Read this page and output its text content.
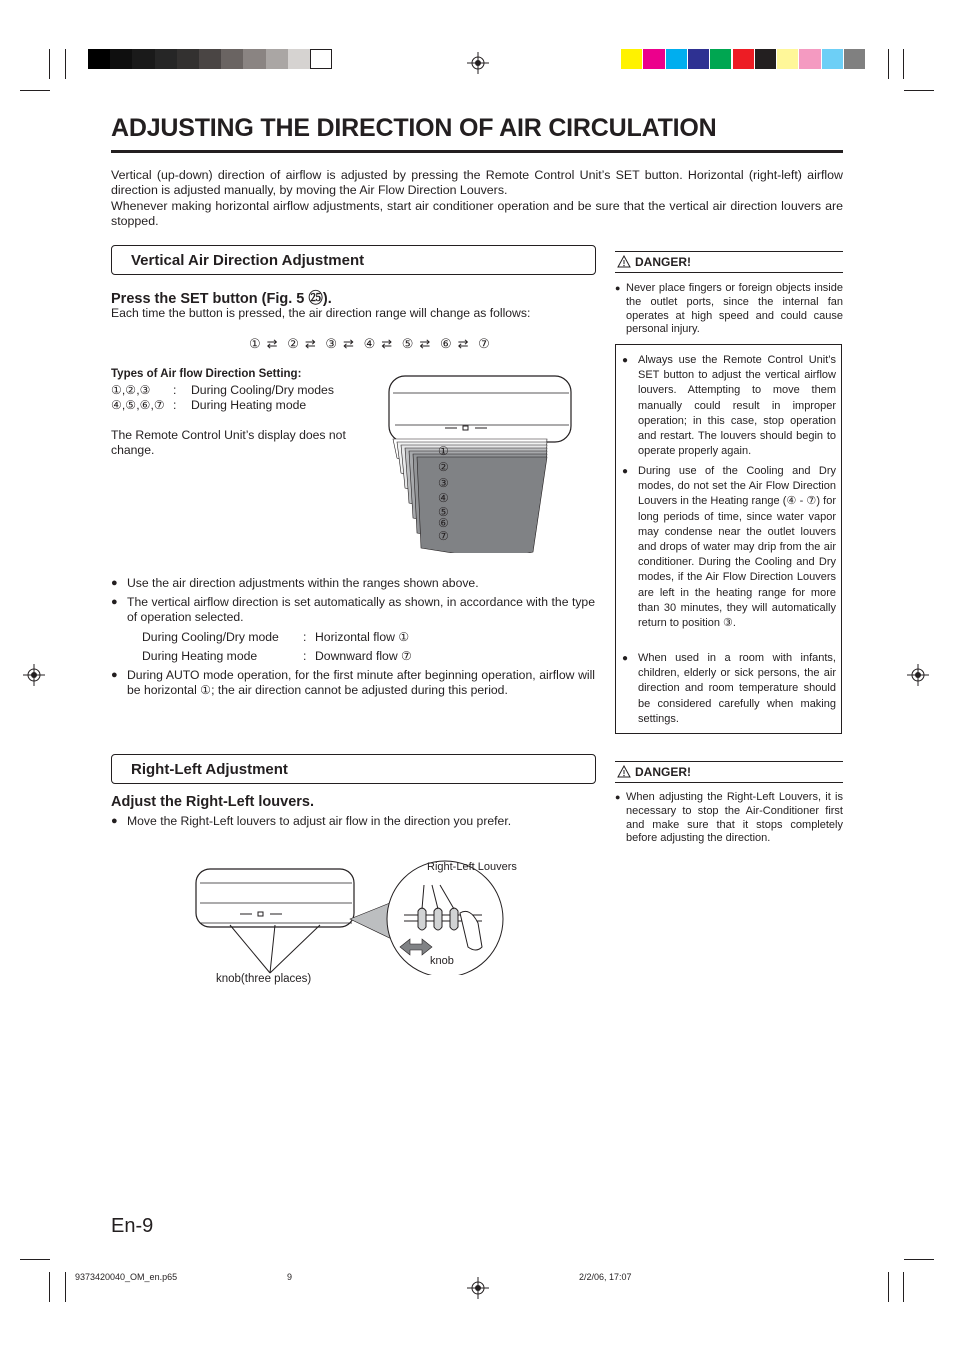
ADJUSTING THE DIRECTION OF AIR CIRCULATION

Vertical (up-down) direction of airflow is adjusted by pressing the Remote Control Unit’s SET button. Horizontal (right-left) airflow direction is adjusted manually, by moving the Air Flow Direction Louvers.

Whenever making horizontal airflow adjustments, start air conditioner operation and be sure that the vertical air direction louvers are stopped.

Vertical Air Direction Adjustment
Press the SET button (Fig. 5 ㉕).
Each time the button is pressed, the air direction range will change as follows:
① ⇄ ② ⇄ ③ ⇄ ④ ⇄ ⑤ ⇄ ⑥ ⇄ ⑦
Types of Air flow Direction Setting:
①,②,③ : During Cooling/Dry modes
④,⑤,⑥,⑦ : During Heating mode
The Remote Control Unit’s display does not change.	①
②
③
④
⑤
⑥
⑦
● Use the air direction adjustments within the ranges shown above.
● The vertical airflow direction is set automatically as shown, in accordance with the type of operation selected.
During Cooling/Dry mode : Horizontal flow ①
During Heating mode	: Downward flow ⑦
● During AUTO mode operation, for the first minute after beginning operation, airflow will be horizontal ①; the air direction cannot be adjusted during this period.
DANGER!
● Never place fingers or foreign objects inside the outlet ports, since the internal fan operates at high speed and could cause personal injury.
● Always use the Remote Control Unit’s SET button to adjust the vertical airflow louvers. Attempting to move them manually could result in improper operation; in this case, stop operation and restart. The louvers should begin to operate properly again.
● During use of the Cooling and Dry modes, do not set the Air Flow Direction Louvers in the Heating range (④ - ⑦) for long periods of time, since water vapor may condense near the outlet louvers and drops of water may drip from the air conditioner. During the Cooling and Dry modes, if the Air Flow Direction Louvers are left in the heating range for more than 30 minutes, they will automatically return to position ③.
● When used in a room with infants, children, elderly or sick persons, the air direction and room temperature should be considered carefully when making settings.
Right-Left Adjustment
Adjust the Right-Left louvers.
● Move the Right-Left louvers to adjust air flow in the direction you prefer.
Right-Left Louvers
knob
knob(three places)
DANGER!
● When adjusting the Right-Left Louvers, it is necessary to stop the Air-Conditioner first and make sure that it stops completely before adjusting the direction.
En-9
9373420040_OM_en.p65	9	2/2/06, 17:07
